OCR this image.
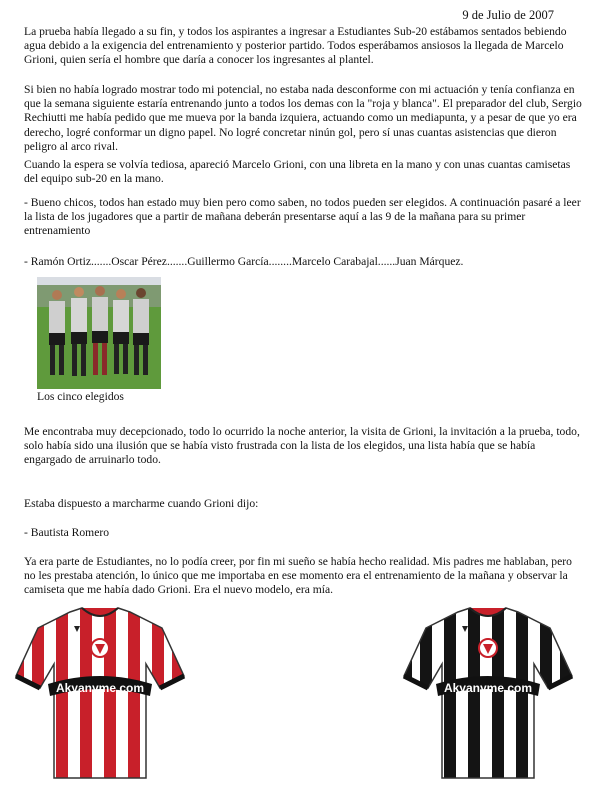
9 de Julio de 2007

La prueba había llegado a su fin, y todos los aspirantes a ingresar a Estudiantes Sub-20 estábamos sentados bebiendo agua debido a la exigencia del entrenamiento y posterior partido. Todos esperábamos ansiosos la llegada de Marcelo Grioni, quien sería el hombre que daría a conocer los ingresantes al plantel.

Si bien no había logrado mostrar todo mi potencial, no estaba nada desconforme con mi actuación y tenía confianza en que la semana siguiente estaría entrenando junto a todos los demas con la "roja y blanca". El preparador del club, Sergio Rechiutti me había pedido que me mueva por la banda izquiera, actuando como un mediapunta, y a pesar de que yo era derecho, logré conformar un digno papel. No logré concretar ninún gol, pero sí unas cuantas asistencias que dieron peligro al arco rival.

Cuando la espera se volvía tediosa, apareció Marcelo Grioni, con una libreta en la mano y con unas cuantas camisetas del equipo sub-20 en la mano.

- Bueno chicos, todos han estado muy bien pero como saben, no todos pueden ser elegidos. A continuación pasaré a leer la lista de los jugadores que a partir de mañana deberán presentarse aquí a las 9 de la mañana para su primer entrenamiento

- Ramón Ortiz.......Oscar Pérez.......Guillermo García........Marcelo Carabajal......Juan Márquez.

Los cinco elegidos

Me encontraba muy decepcionado, todo lo ocurrido la noche anterior, la visita de Grioni, la invitación a la prueba, todo, solo había sido una ilusión que se había visto frustrada con la lista de los elegidos, una lista había que se había engargado de arruinarlo todo.

Estaba dispuesto a marcharme cuando Grioni dijo:

- Bautista Romero

Ya era parte de Estudiantes, no lo podía creer, por fin mi sueño se había hecho realidad. Mis padres me hablaban, pero no les prestaba atención, lo único que me importaba en ese momento era el entrenamiento de la mañana y observar la camiseta que me había dado Grioni. Era el nuevo modelo, era mía.

Akyanyme.com	Akyanyme.com
